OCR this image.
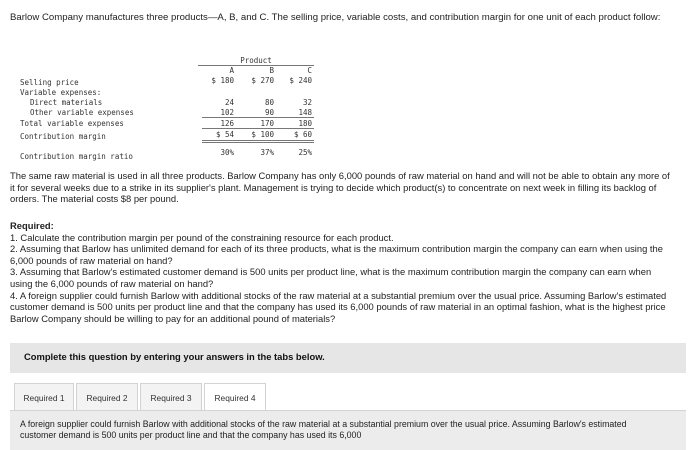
Barlow Company manufactures three products—A, B, and C. The selling price, variable costs, and contribution margin for one unit of each product follow:
Product
A	B	C
Selling price	$ 180	$ 270	$ 240
Variable expenses:
Direct materials	24	80	32
Other variable expenses	102	90	148
Total variable expenses	126	170	180
Contribution margin	$ 54	$ 100	$ 60
Contribution margin ratio	30%	37%	25%
The same raw material is used in all three products. Barlow Company has only 6,000 pounds of raw material on hand and will not be able to obtain any more of it for several weeks due to a strike in its supplier's plant. Management is trying to decide which product(s) to concentrate on next week in filling its backlog of orders. The material costs $8 per pound.
Required:
1. Calculate the contribution margin per pound of the constraining resource for each product.
2. Assuming that Barlow has unlimited demand for each of its three products, what is the maximum contribution margin the company can earn when using the 6,000 pounds of raw material on hand?
3. Assuming that Barlow's estimated customer demand is 500 units per product line, what is the maximum contribution margin the company can earn when using the 6,000 pounds of raw material on hand?
4. A foreign supplier could furnish Barlow with additional stocks of the raw material at a substantial premium over the usual price. Assuming Barlow's estimated customer demand is 500 units per product line and that the company has used its 6,000 pounds of raw material in an optimal fashion, what is the highest price Barlow Company should be willing to pay for an additional pound of materials?
Complete this question by entering your answers in the tabs below.
Required 1	Required 2	Required 3	Required 4
A foreign supplier could furnish Barlow with additional stocks of the raw material at a substantial premium over the usual price. Assuming Barlow's estimated customer demand is 500 units per product line and that the company has used its 6,000
